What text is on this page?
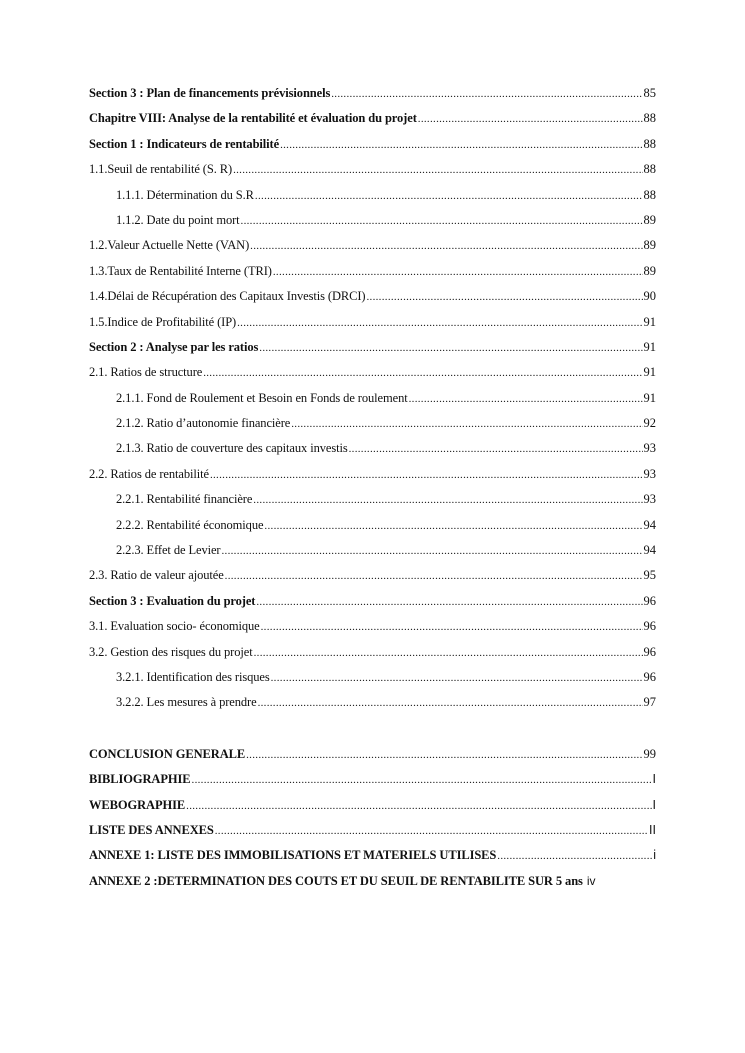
Section 3 : Plan de financements prévisionnels .....	85
Chapitre VIII: Analyse de la rentabilité et évaluation du projet .....	88
Section 1 : Indicateurs de rentabilité .....	88
1.1.Seuil de rentabilité (S. R) .....	88
1.1.1. Détermination du S.R .....	88
1.1.2. Date du point mort .....	89
1.2.Valeur Actuelle Nette (VAN) .....	89
1.3.Taux de Rentabilité Interne (TRI) .....	89
1.4.Délai de Récupération des Capitaux Investis (DRCI) .....	90
1.5.Indice de Profitabilité (IP) .....	91
Section 2 : Analyse par les ratios .....	91
2.1. Ratios de structure .....	91
2.1.1. Fond de Roulement et Besoin en Fonds de roulement .....	91
2.1.2. Ratio d’autonomie financière .....	92
2.1.3. Ratio de couverture des capitaux investis .....	93
2.2. Ratios de rentabilité .....	93
2.2.1. Rentabilité financière .....	93
2.2.2. Rentabilité économique .....	94
2.2.3. Effet de Levier .....	94
2.3. Ratio de valeur ajoutée .....	95
Section 3 : Evaluation du projet .....	96
3.1. Evaluation socio- économique .....	96
3.2. Gestion des risques du projet .....	96
3.2.1. Identification des risques .....	96
3.2.2. Les mesures à prendre .....	97
CONCLUSION GENERALE .....	99
BIBLIOGRAPHIE .....	I
WEBOGRAPHIE .....	I
LISTE DES ANNEXES .....	II
ANNEXE 1: LISTE DES IMMOBILISATIONS ET MATERIELS UTILISES .....	i
ANNEXE 2 :DETERMINATION DES COUTS ET DU SEUIL DE RENTABILITE SUR 5 ans iv
